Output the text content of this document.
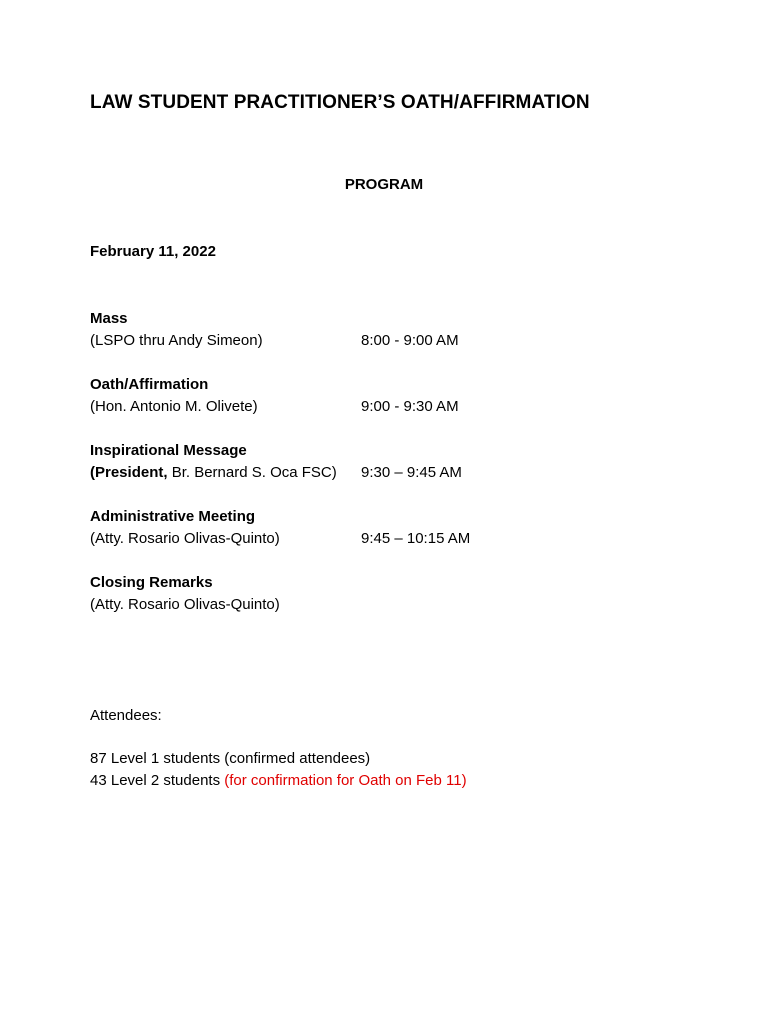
LAW STUDENT PRACTITIONER’S OATH/AFFIRMATION
PROGRAM
February 11, 2022
Mass
(LSPO thru Andy Simeon)	8:00 - 9:00 AM
Oath/Affirmation
(Hon. Antonio M. Olivete)	9:00 - 9:30 AM
Inspirational Message
(President, Br. Bernard S. Oca FSC) 9:30 – 9:45 AM
Administrative Meeting
(Atty. Rosario Olivas-Quinto)	9:45 – 10:15 AM
Closing Remarks
(Atty. Rosario Olivas-Quinto)
Attendees:
87 Level 1 students (confirmed attendees)
43 Level 2 students (for confirmation for Oath on Feb 11)
